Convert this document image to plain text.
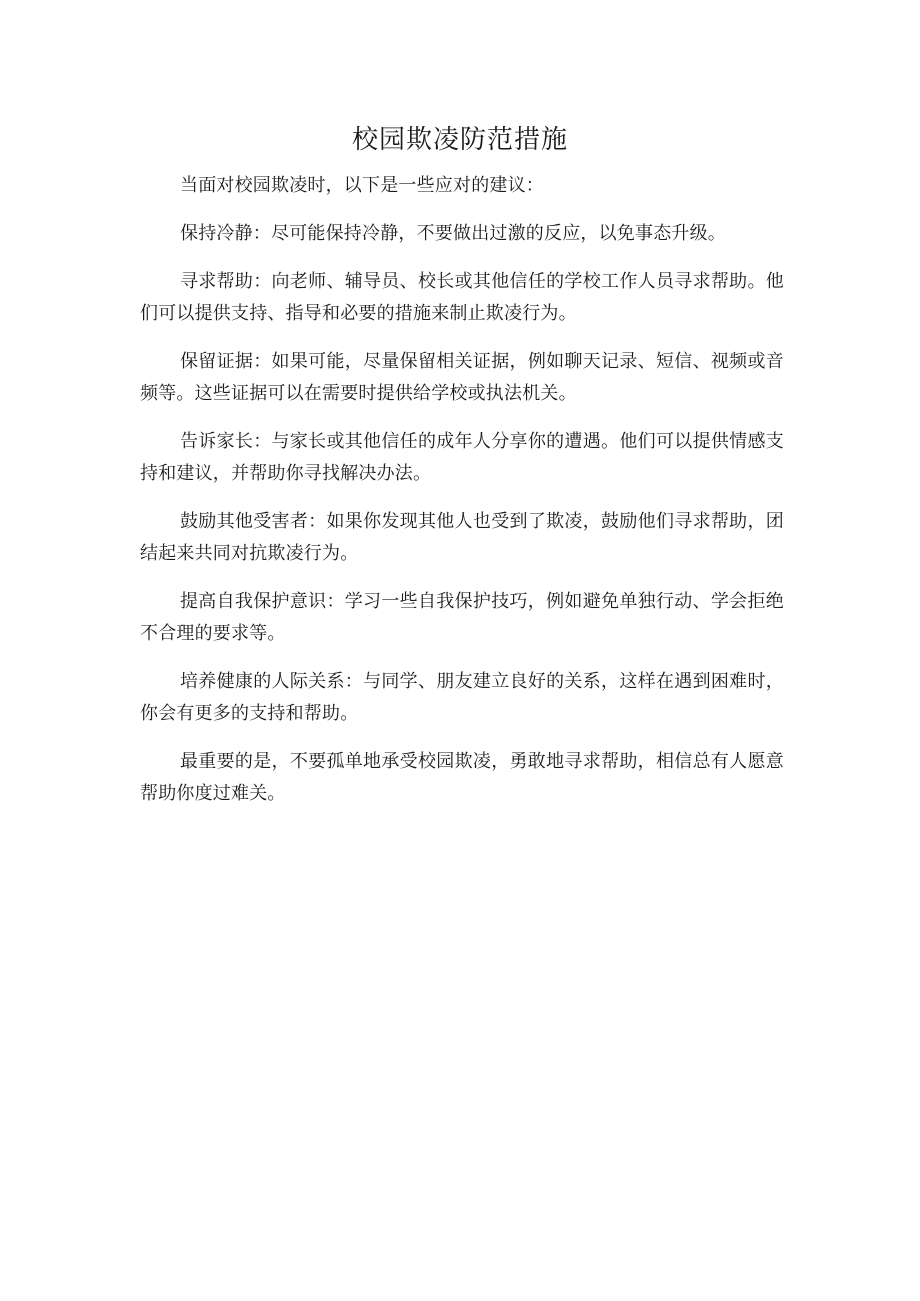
校园欺凌防范措施

当面对校园欺凌时，以下是一些应对的建议：

保持冷静：尽可能保持冷静，不要做出过激的反应，以免事态升级。

寻求帮助：向老师、辅导员、校长或其他信任的学校工作人员寻求帮助。他们可以提供支持、指导和必要的措施来制止欺凌行为。

保留证据：如果可能，尽量保留相关证据，例如聊天记录、短信、视频或音频等。这些证据可以在需要时提供给学校或执法机关。

告诉家长：与家长或其他信任的成年人分享你的遭遇。他们可以提供情感支持和建议，并帮助你寻找解决办法。

鼓励其他受害者：如果你发现其他人也受到了欺凌，鼓励他们寻求帮助，团结起来共同对抗欺凌行为。

提高自我保护意识：学习一些自我保护技巧，例如避免单独行动、学会拒绝不合理的要求等。

培养健康的人际关系：与同学、朋友建立良好的关系，这样在遇到困难时，你会有更多的支持和帮助。

最重要的是，不要孤单地承受校园欺凌，勇敢地寻求帮助，相信总有人愿意帮助你度过难关。
